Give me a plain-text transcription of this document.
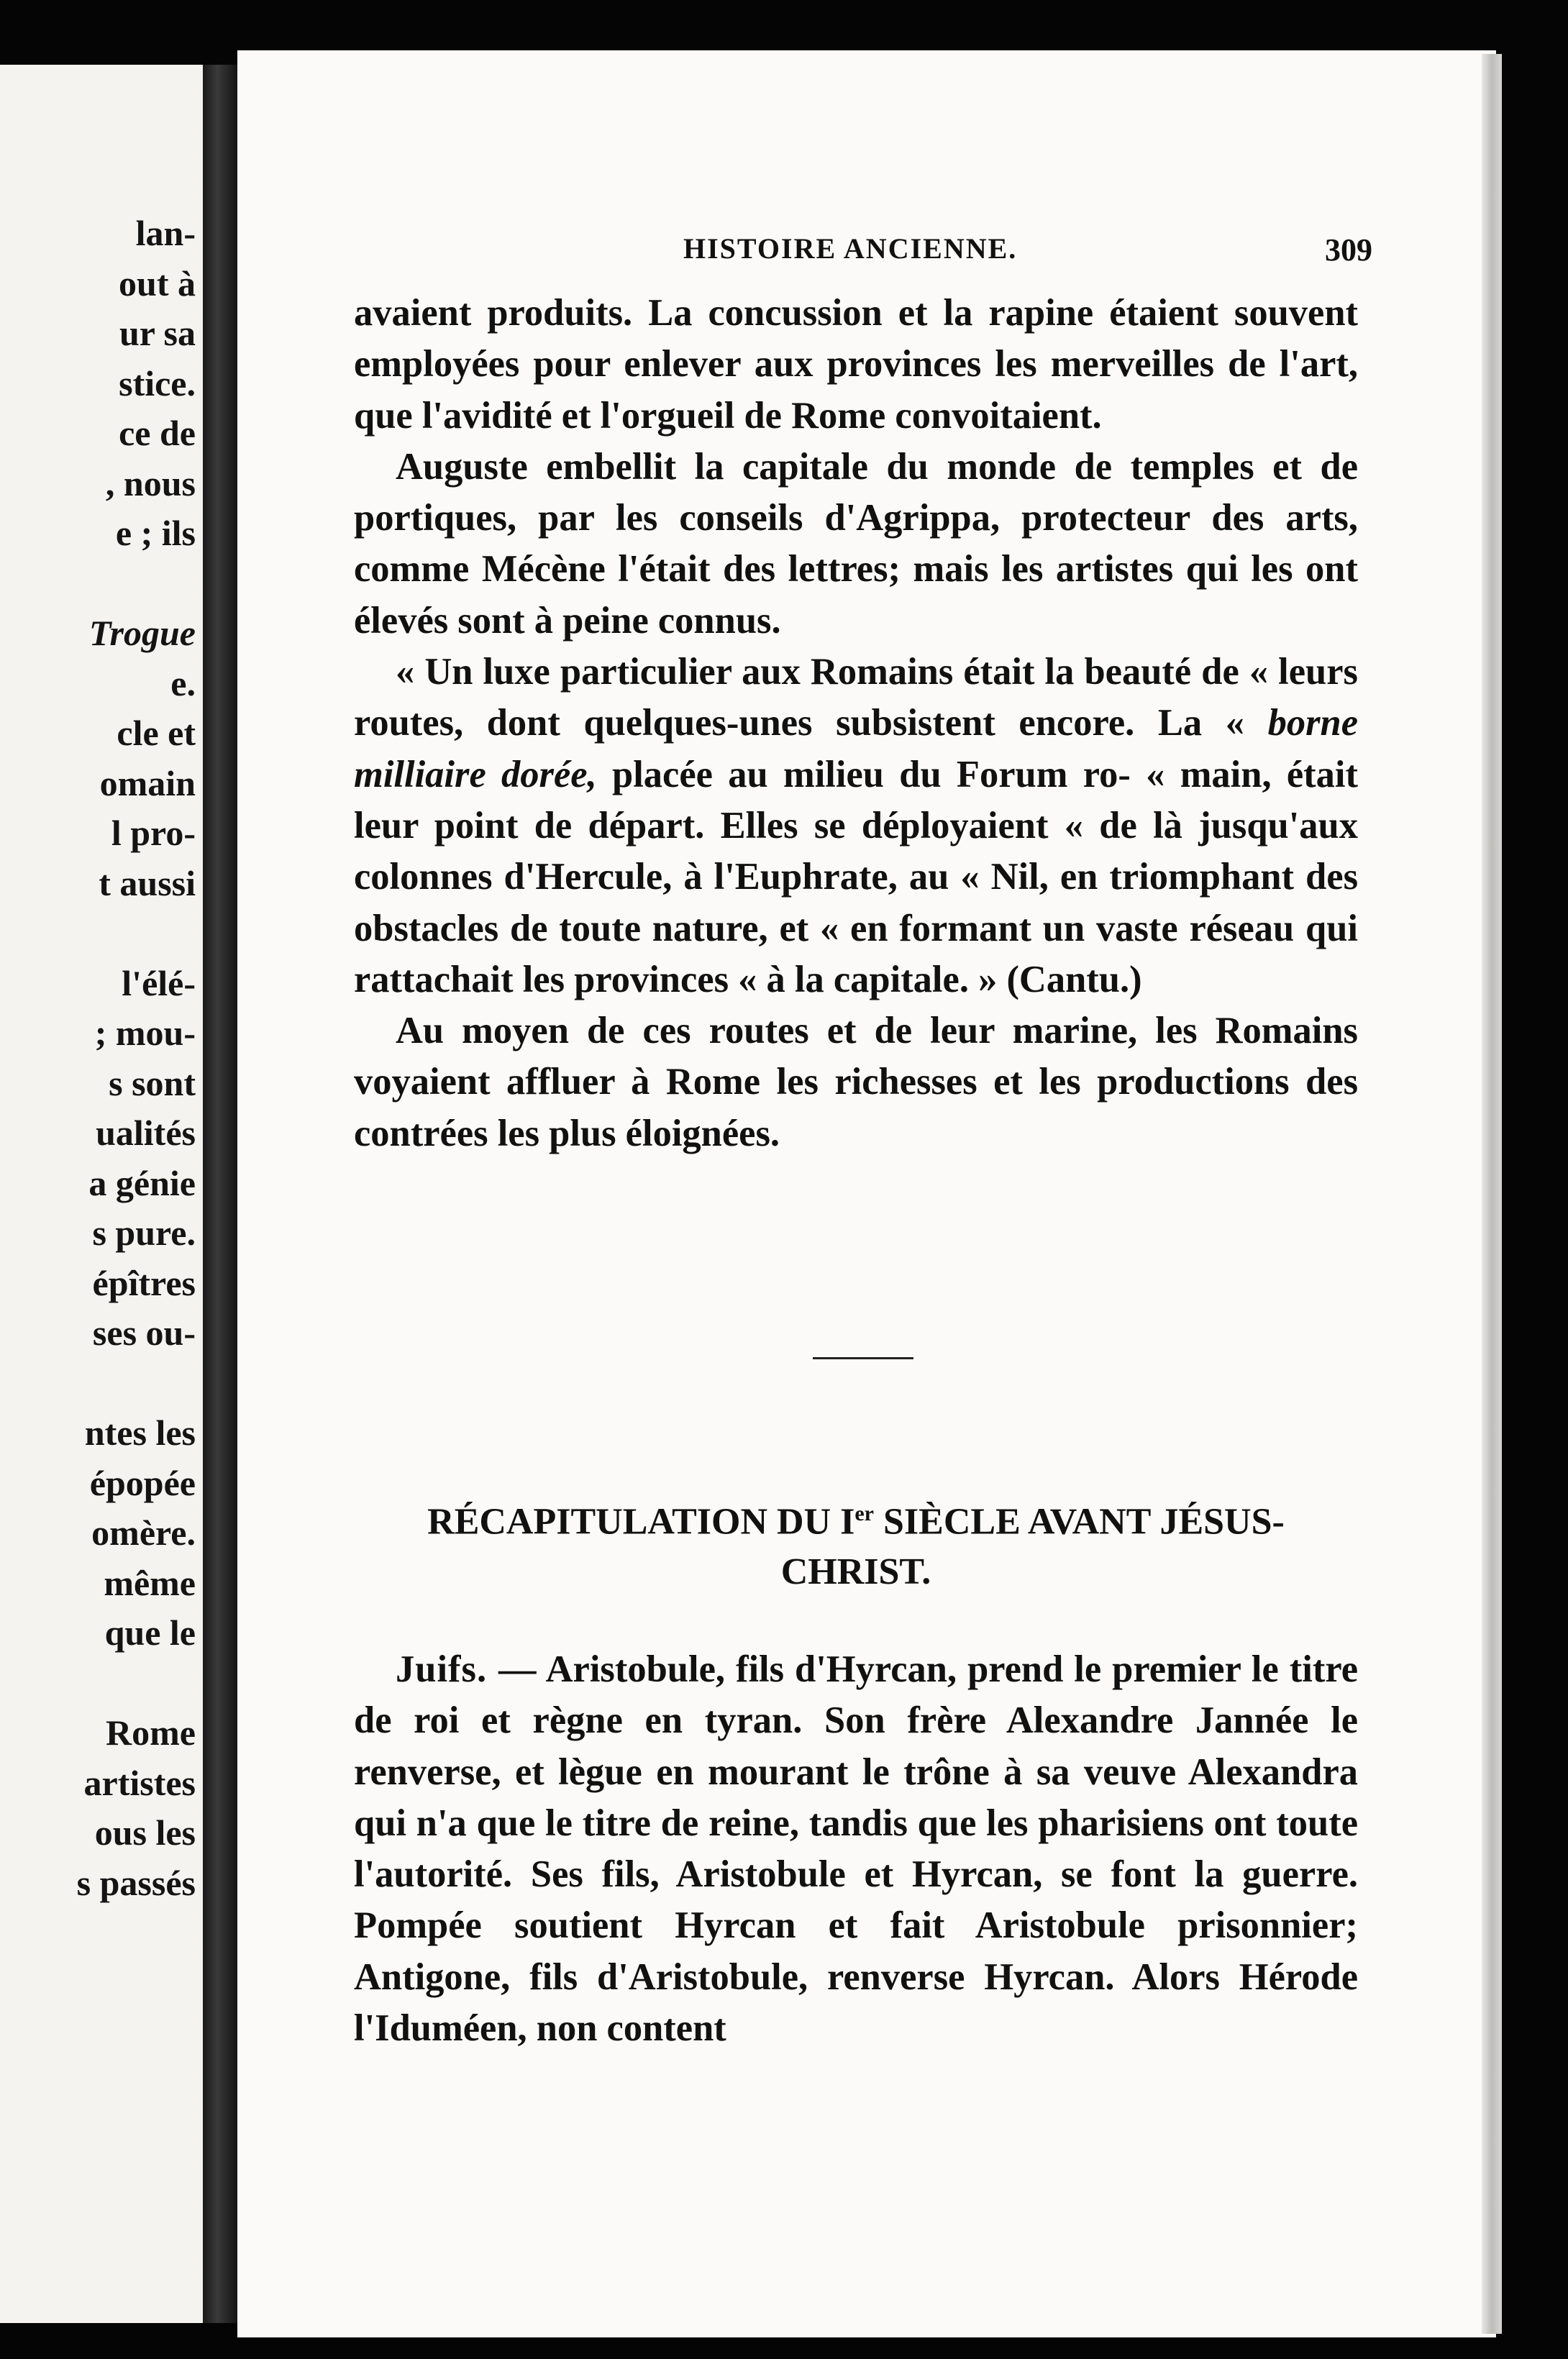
lan-
out à
ur sa
stice.
ce de
, nous
e ; ils
Trogue
e.
cle et
omain
l pro-
t aussi
l'élé-
; mou-
s sont
ualités
a génie
s pure.
épîtres
ses ou-
ntes les
épopée
omère.
même
que le
Rome
artistes
ous les
s passés
HISTOIRE ANCIENNE.	309

avaient produits. La concussion et la rapine étaient souvent employées pour enlever aux provinces les merveilles de l'art, que l'avidité et l'orgueil de Rome convoitaient.

Auguste embellit la capitale du monde de temples et de portiques, par les conseils d'Agrippa, protecteur des arts, comme Mécène l'était des lettres; mais les artistes qui les ont élevés sont à peine connus.

« Un luxe particulier aux Romains était la beauté de « leurs routes, dont quelques-unes subsistent encore. La « borne milliaire dorée, placée au milieu du Forum ro- « main, était leur point de départ. Elles se déployaient « de là jusqu'aux colonnes d'Hercule, à l'Euphrate, au « Nil, en triomphant des obstacles de toute nature, et « en formant un vaste réseau qui rattachait les provinces « à la capitale. » (Cantu.)

Au moyen de ces routes et de leur marine, les Romains voyaient affluer à Rome les richesses et les productions des contrées les plus éloignées.

RÉCAPITULATION DU Ier SIÈCLE AVANT JÉSUS-CHRIST.

Juifs. — Aristobule, fils d'Hyrcan, prend le premier le titre de roi et règne en tyran. Son frère Alexandre Jannée le renverse, et lègue en mourant le trône à sa veuve Alexandra qui n'a que le titre de reine, tandis que les pharisiens ont toute l'autorité. Ses fils, Aristobule et Hyrcan, se font la guerre. Pompée soutient Hyrcan et fait Aristobule prisonnier; Antigone, fils d'Aristobule, renverse Hyrcan. Alors Hérode l'Iduméen, non content
